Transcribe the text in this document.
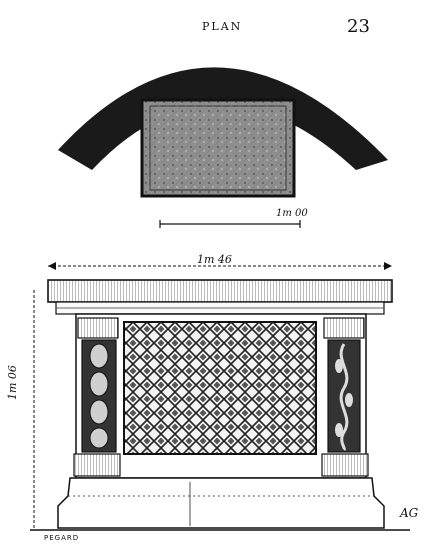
PLAN	23
1m 00
1m 46
1m 06
PEGARD
AG
